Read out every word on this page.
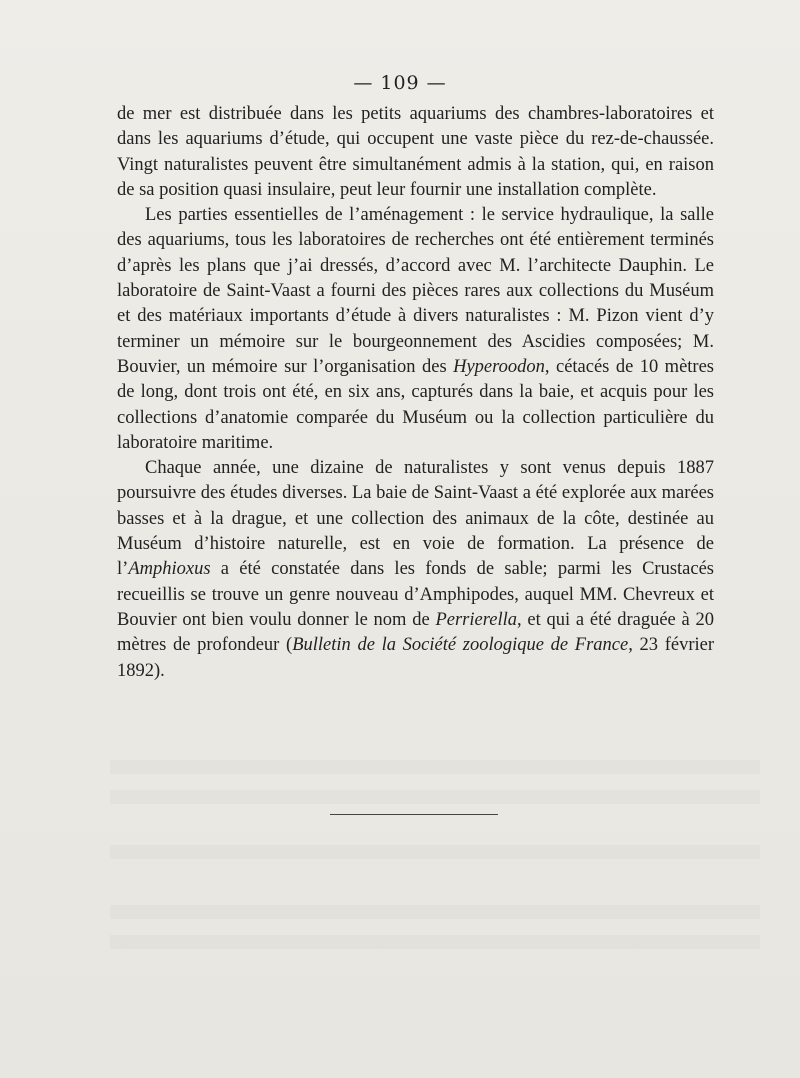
— 109 —

de mer est distribuée dans les petits aquariums des chambres-laboratoires et dans les aquariums d’étude, qui occupent une vaste pièce du rez-de-chaussée. Vingt naturalistes peuvent être simultanément admis à la station, qui, en raison de sa position quasi insulaire, peut leur fournir une installation complète.

Les parties essentielles de l’aménagement : le service hydraulique, la salle des aquariums, tous les laboratoires de recherches ont été entièrement terminés d’après les plans que j’ai dressés, d’accord avec M. l’architecte Dauphin. Le laboratoire de Saint-Vaast a fourni des pièces rares aux collections du Muséum et des matériaux importants d’étude à divers naturalistes : M. Pizon vient d’y terminer un mémoire sur le bourgeonnement des Ascidies composées; M. Bouvier, un mémoire sur l’organisation des Hyperoodon, cétacés de 10 mètres de long, dont trois ont été, en six ans, capturés dans la baie, et acquis pour les collections d’anatomie comparée du Muséum ou la collection particulière du laboratoire maritime.

Chaque année, une dizaine de naturalistes y sont venus depuis 1887 poursuivre des études diverses. La baie de Saint-Vaast a été explorée aux marées basses et à la drague, et une collection des animaux de la côte, destinée au Muséum d’histoire naturelle, est en voie de formation. La présence de l’Amphioxus a été constatée dans les fonds de sable; parmi les Crustacés recueillis se trouve un genre nouveau d’Amphipodes, auquel MM. Chevreux et Bouvier ont bien voulu donner le nom de Perrierella, et qui a été draguée à 20 mètres de profondeur (Bulletin de la Société zoologique de France, 23 février 1892).
